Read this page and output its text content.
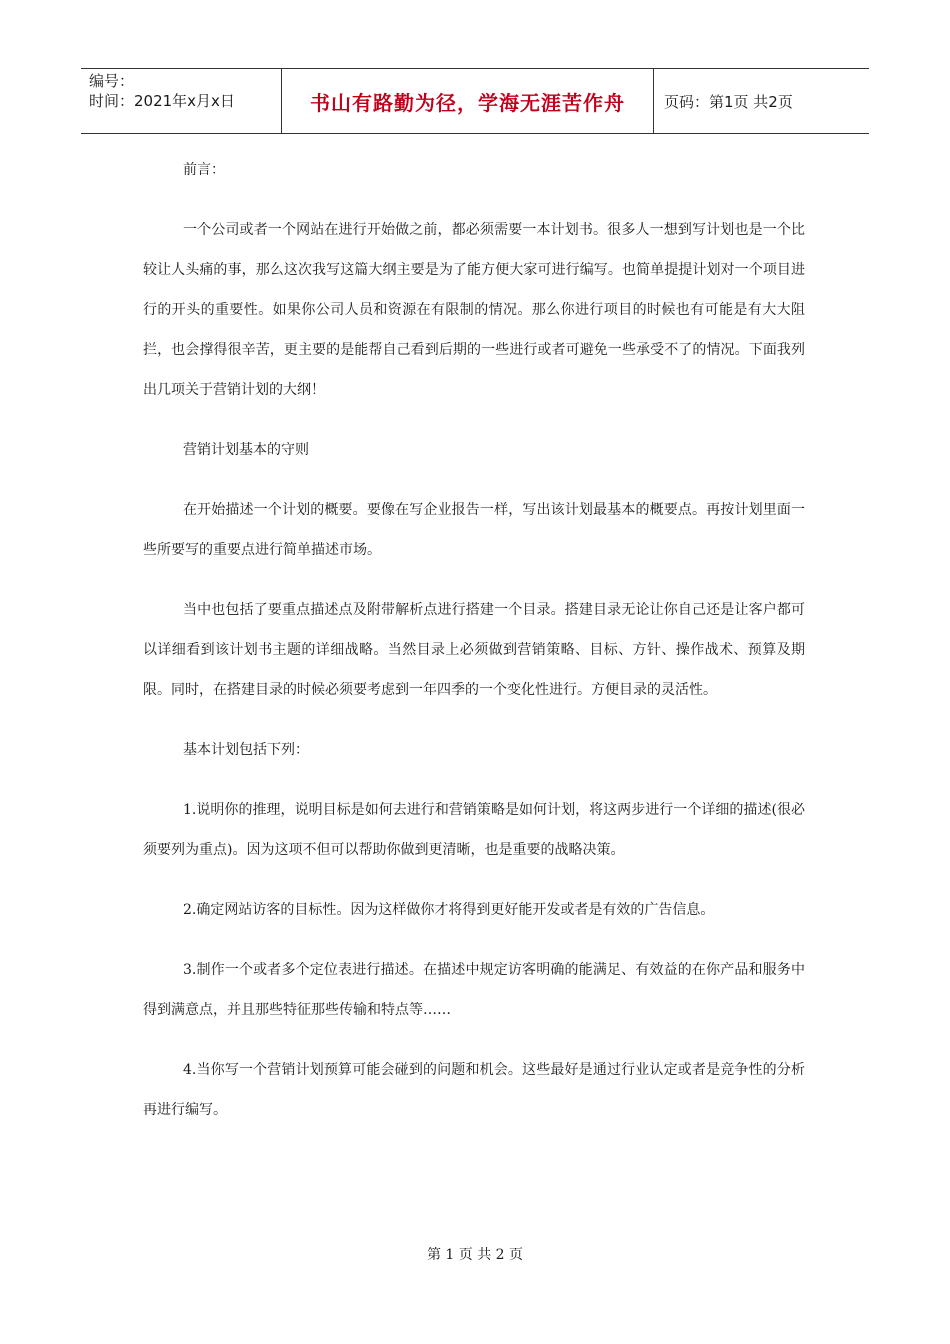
编号：
时间：2021年x月x日	书山有路勤为径，学海无涯苦作舟	页码：第1页 共2页

前言：

一个公司或者一个网站在进行开始做之前，都必须需要一本计划书。很多人一想到写计划也是一个比较让人头痛的事，那么这次我写这篇大纲主要是为了能方便大家可进行编写。也简单提提计划对一个项目进行的开头的重要性。如果你公司人员和资源在有限制的情况。那么你进行项目的时候也有可能是有大大阻拦，也会撑得很辛苦，更主要的是能帮自己看到后期的一些进行或者可避免一些承受不了的情况。下面我列出几项关于营销计划的大纲！

营销计划基本的守则

在开始描述一个计划的概要。要像在写企业报告一样，写出该计划最基本的概要点。再按计划里面一些所要写的重要点进行简单描述市场。

当中也包括了要重点描述点及附带解析点进行搭建一个目录。搭建目录无论让你自己还是让客户都可以详细看到该计划书主题的详细战略。当然目录上必须做到营销策略、目标、方针、操作战术、预算及期限。同时，在搭建目录的时候必须要考虑到一年四季的一个变化性进行。方便目录的灵活性。

基本计划包括下列：

1.说明你的推理，说明目标是如何去进行和营销策略是如何计划，将这两步进行一个详细的描述(很必须要列为重点)。因为这项不但可以帮助你做到更清晰，也是重要的战略决策。

2.确定网站访客的目标性。因为这样做你才将得到更好能开发或者是有效的广告信息。

3.制作一个或者多个定位表进行描述。在描述中规定访客明确的能满足、有效益的在你产品和服务中得到满意点，并且那些特征那些传输和特点等……

4.当你写一个营销计划预算可能会碰到的问题和机会。这些最好是通过行业认定或者是竞争性的分析再进行编写。

第 1 页 共 2 页
